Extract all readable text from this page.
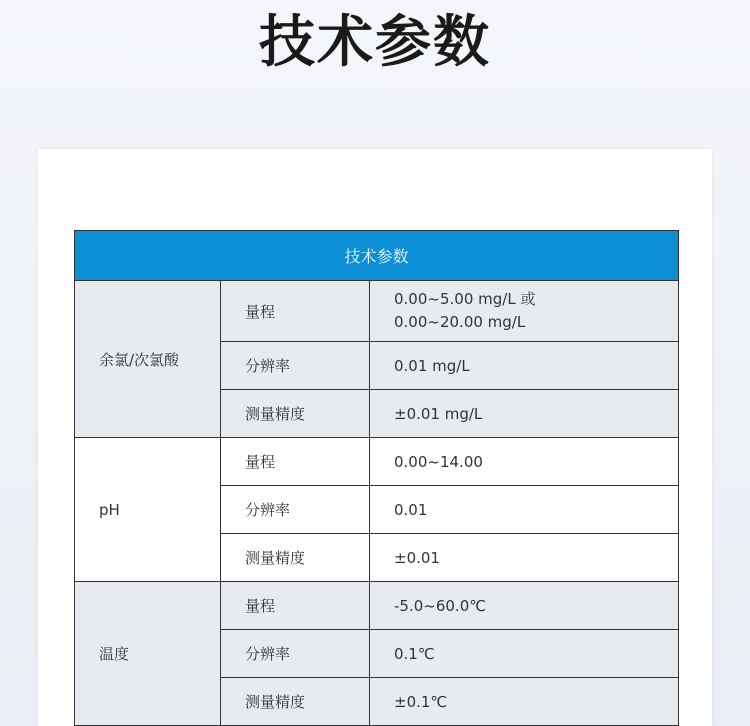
技术参数
技术参数		
余氯/次氯酸	量程	0.00~5.00 mg/L 或
0.00~20.00 mg/L

	分辨率	0.01 mg/L
	测量精度	±0.01 mg/L
pH	量程	0.00~14.00
	分辨率	0.01
	测量精度	±0.01
温度	量程	-5.0~60.0℃
	分辨率	0.1℃
	测量精度	±0.1℃
